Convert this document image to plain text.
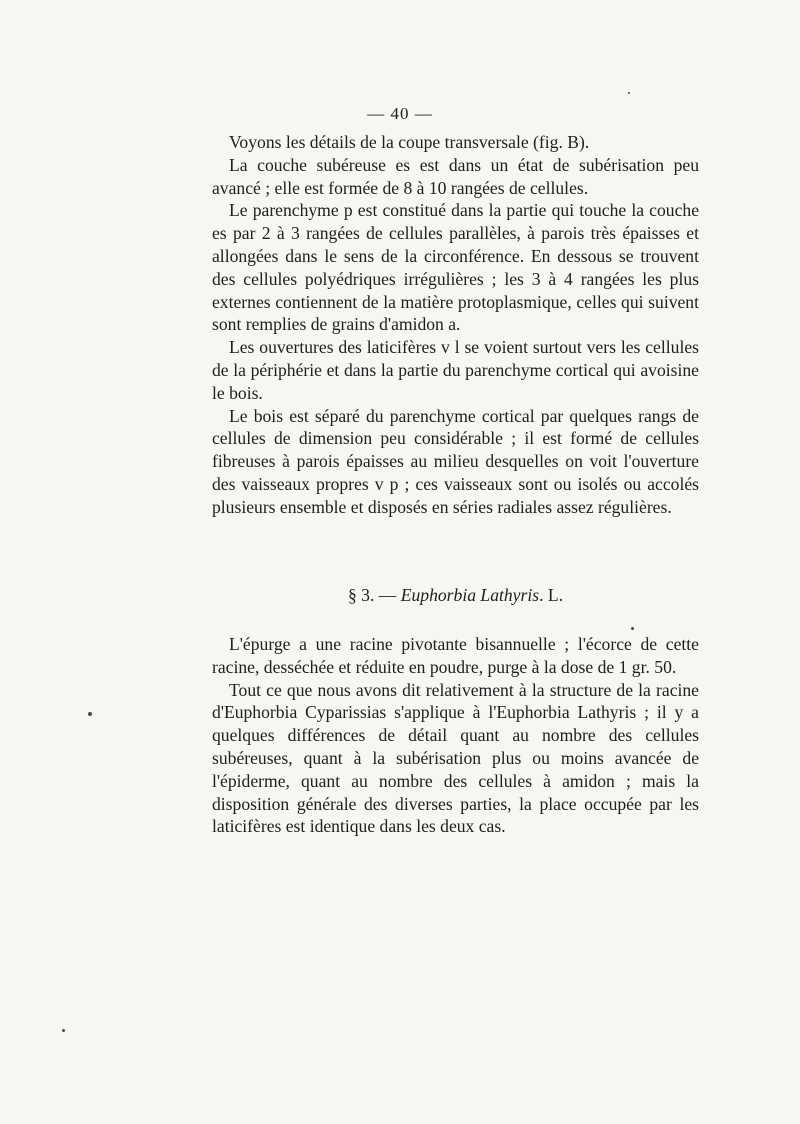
— 40 —

Voyons les détails de la coupe transversale (fig. B).

La couche subéreuse es est dans un état de subérisation peu avancé ; elle est formée de 8 à 10 rangées de cellules.

Le parenchyme p est constitué dans la partie qui touche la couche es par 2 à 3 rangées de cellules parallèles, à parois très épaisses et allongées dans le sens de la circonférence. En dessous se trouvent des cellules polyédriques irrégulières ; les 3 à 4 rangées les plus externes contiennent de la matière protoplasmique, celles qui suivent sont remplies de grains d'amidon a.

Les ouvertures des laticifères v l se voient surtout vers les cellules de la périphérie et dans la partie du parenchyme cortical qui avoisine le bois.

Le bois est séparé du parenchyme cortical par quelques rangs de cellules de dimension peu considérable ; il est formé de cellules fibreuses à parois épaisses au milieu desquelles on voit l'ouverture des vaisseaux propres v p ; ces vaisseaux sont ou isolés ou accolés plusieurs ensemble et disposés en séries radiales assez régulières.

§ 3. — Euphorbia Lathyris. L.

L'épurge a une racine pivotante bisannuelle ; l'écorce de cette racine, desséchée et réduite en poudre, purge à la dose de 1 gr. 50.

Tout ce que nous avons dit relativement à la structure de la racine d'Euphorbia Cyparissias s'applique à l'Euphorbia Lathyris ; il y a quelques différences de détail quant au nombre des cellules subéreuses, quant à la subérisation plus ou moins avancée de l'épiderme, quant au nombre des cellules à amidon ; mais la disposition générale des diverses parties, la place occupée par les laticifères est identique dans les deux cas.
